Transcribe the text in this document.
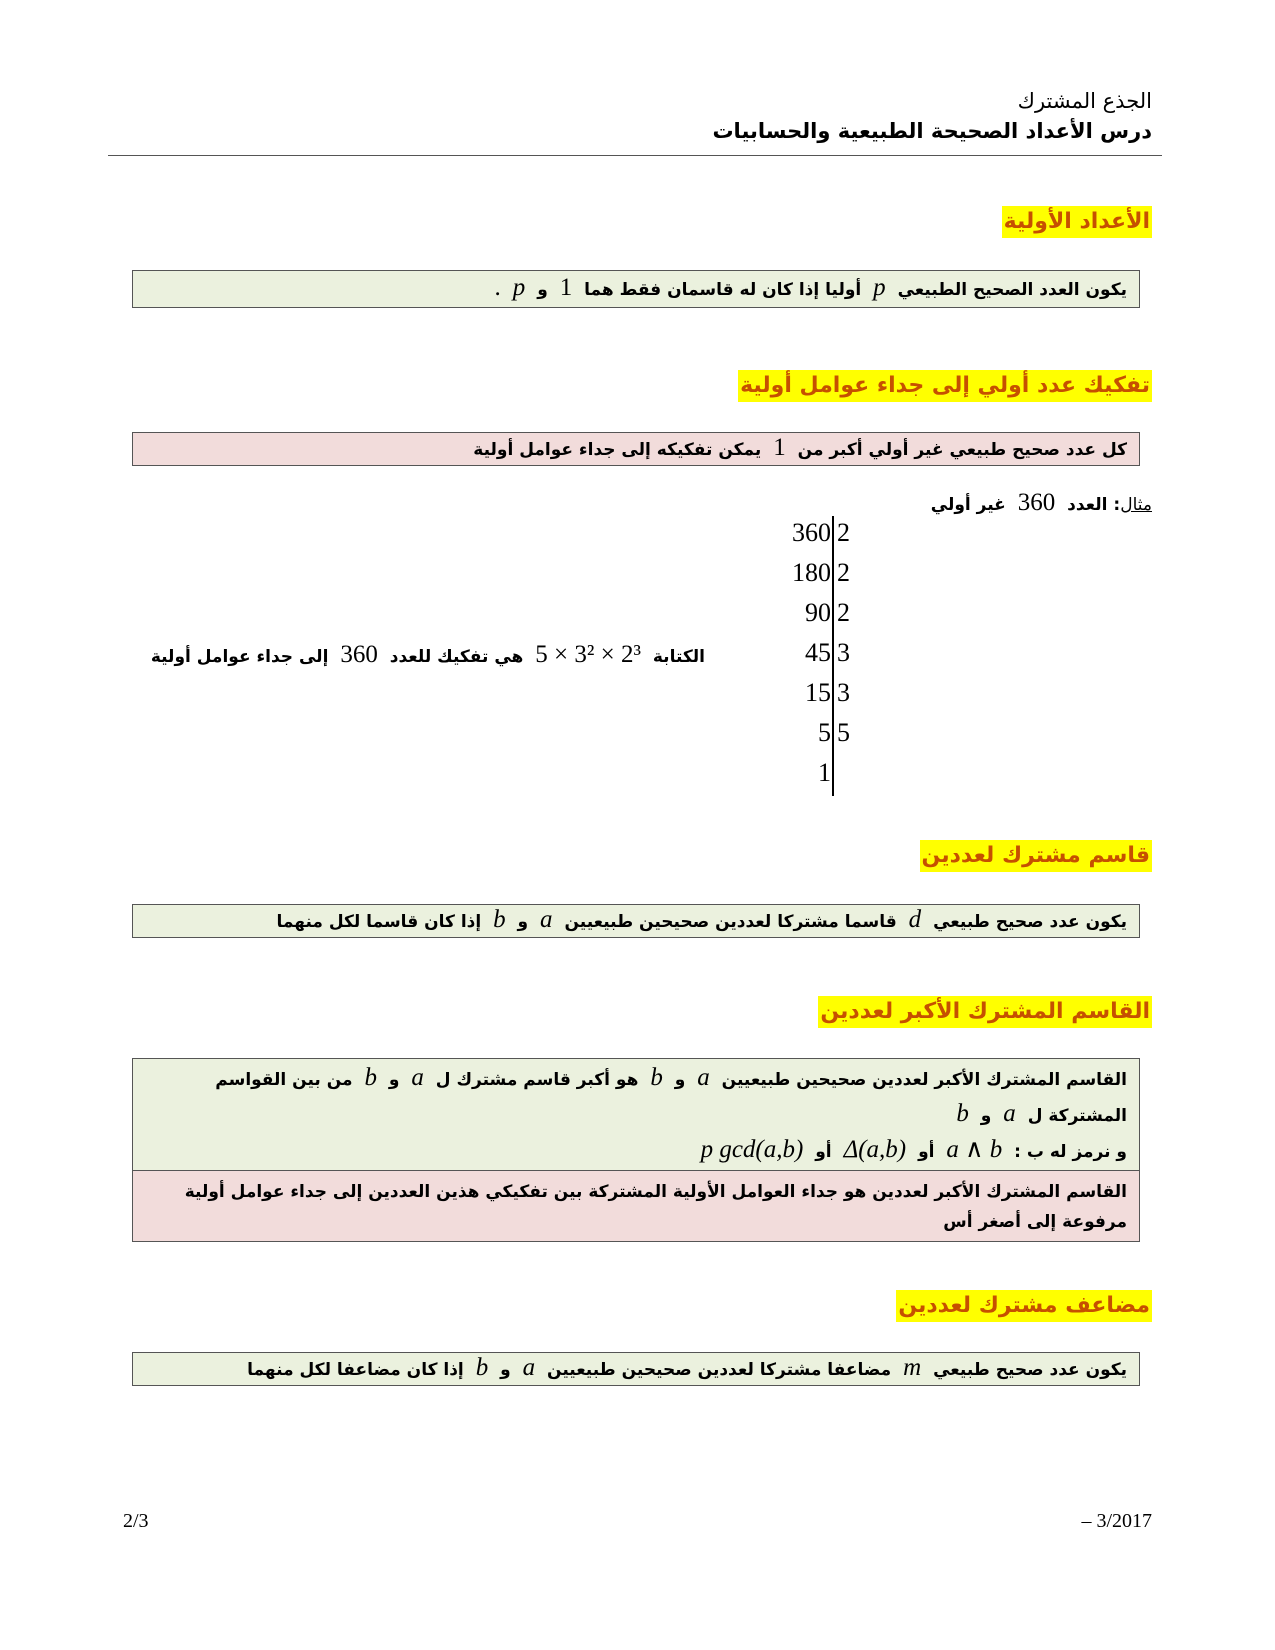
الجذع المشترك
درس الأعداد الصحيحة الطبيعية والحسابيات
الأعداد الأولية
يكون العدد الصحيح الطبيعي p أوليا إذا كان له قاسمان فقط هما 1 و p.
تفكيك عدد أولي إلى جداء عوامل أولية
كل عدد صحيح طبيعي غير أولي أكبر من 1 يمكن تفكيكه إلى جداء عوامل أولية
مثال: العدد 360 غير أولي
360 2
180 2
90 2
45 3
15 3
5 5
1
الكتابة 2³ × 3² × 5 هي تفكيك للعدد 360 إلى جداء عوامل أولية
قاسم مشترك لعددين
يكون عدد صحيح طبيعي d قاسما مشتركا لعددين صحيحين طبيعيين a و b إذا كان قاسما لكل منهما
القاسم المشترك الأكبر لعددين
القاسم المشترك الأكبر لعددين صحيحين طبيعيين a و b هو أكبر قاسم مشترك ل a و b من بين القواسم المشتركة ل a و b
و نرمز له ب : a ∧ b أو Δ(a,b) أو p gcd(a,b)
القاسم المشترك الأكبر لعددين هو جداء العوامل الأولية المشتركة بين تفكيكي هذين العددين إلى جداء عوامل أولية مرفوعة إلى أصغر أس
مضاعف مشترك لعددين
يكون عدد صحيح طبيعي m مضاعفا مشتركا لعددين صحيحين طبيعيين a و b إذا كان مضاعفا لكل منهما
2/3	– 3/2017
